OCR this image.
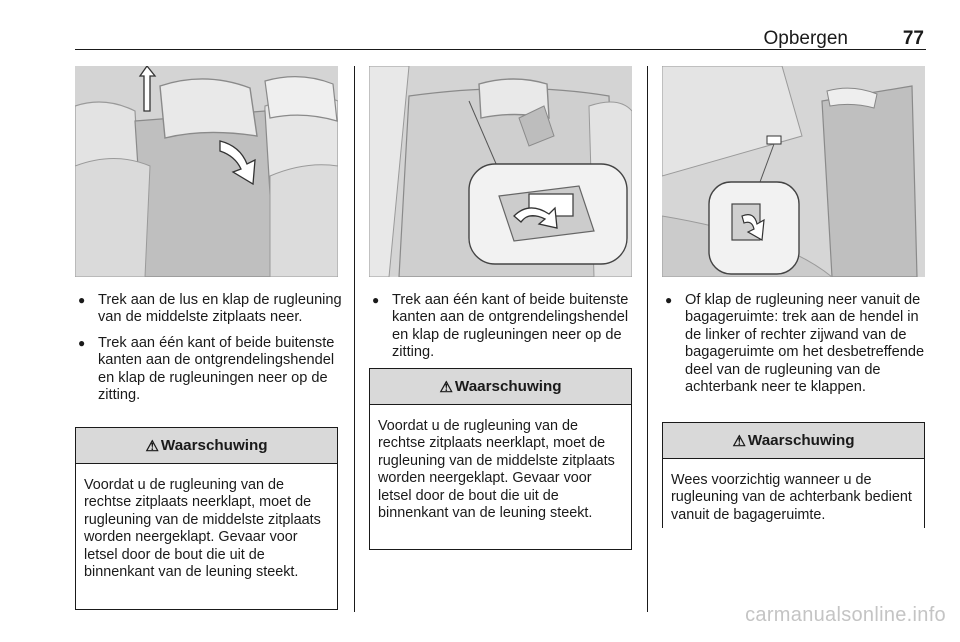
Opbergen	77
● Trek aan de lus en klap de rugleuning van de middelste zitplaats neer.
● Trek aan één kant of beide buitenste kanten aan de ontgrendelingshendel en klap de rugleuningen neer op de zitting.
⚠ Waarschuwing
Voordat u de rugleuning van de rechtse zitplaats neerklapt, moet de rugleuning van de middelste zitplaats worden neergeklapt. Gevaar voor letsel door de bout die uit de binnenkant van de leuning steekt.
● Trek aan één kant of beide buitenste kanten aan de ontgrendelingshendel en klap de rugleuningen neer op de zitting.
⚠ Waarschuwing
Voordat u de rugleuning van de rechtse zitplaats neerklapt, moet de rugleuning van de middelste zitplaats worden neergeklapt. Gevaar voor letsel door de bout die uit de binnenkant van de leuning steekt.
● Of klap de rugleuning neer vanuit de bagageruimte: trek aan de hendel in de linker of rechter zijwand van de bagageruimte om het desbetreffende deel van de rugleuning van de achterbank neer te klappen.
⚠ Waarschuwing
Wees voorzichtig wanneer u de rugleuning van de achterbank bedient vanuit de bagageruimte.
carmanualsonline.info
